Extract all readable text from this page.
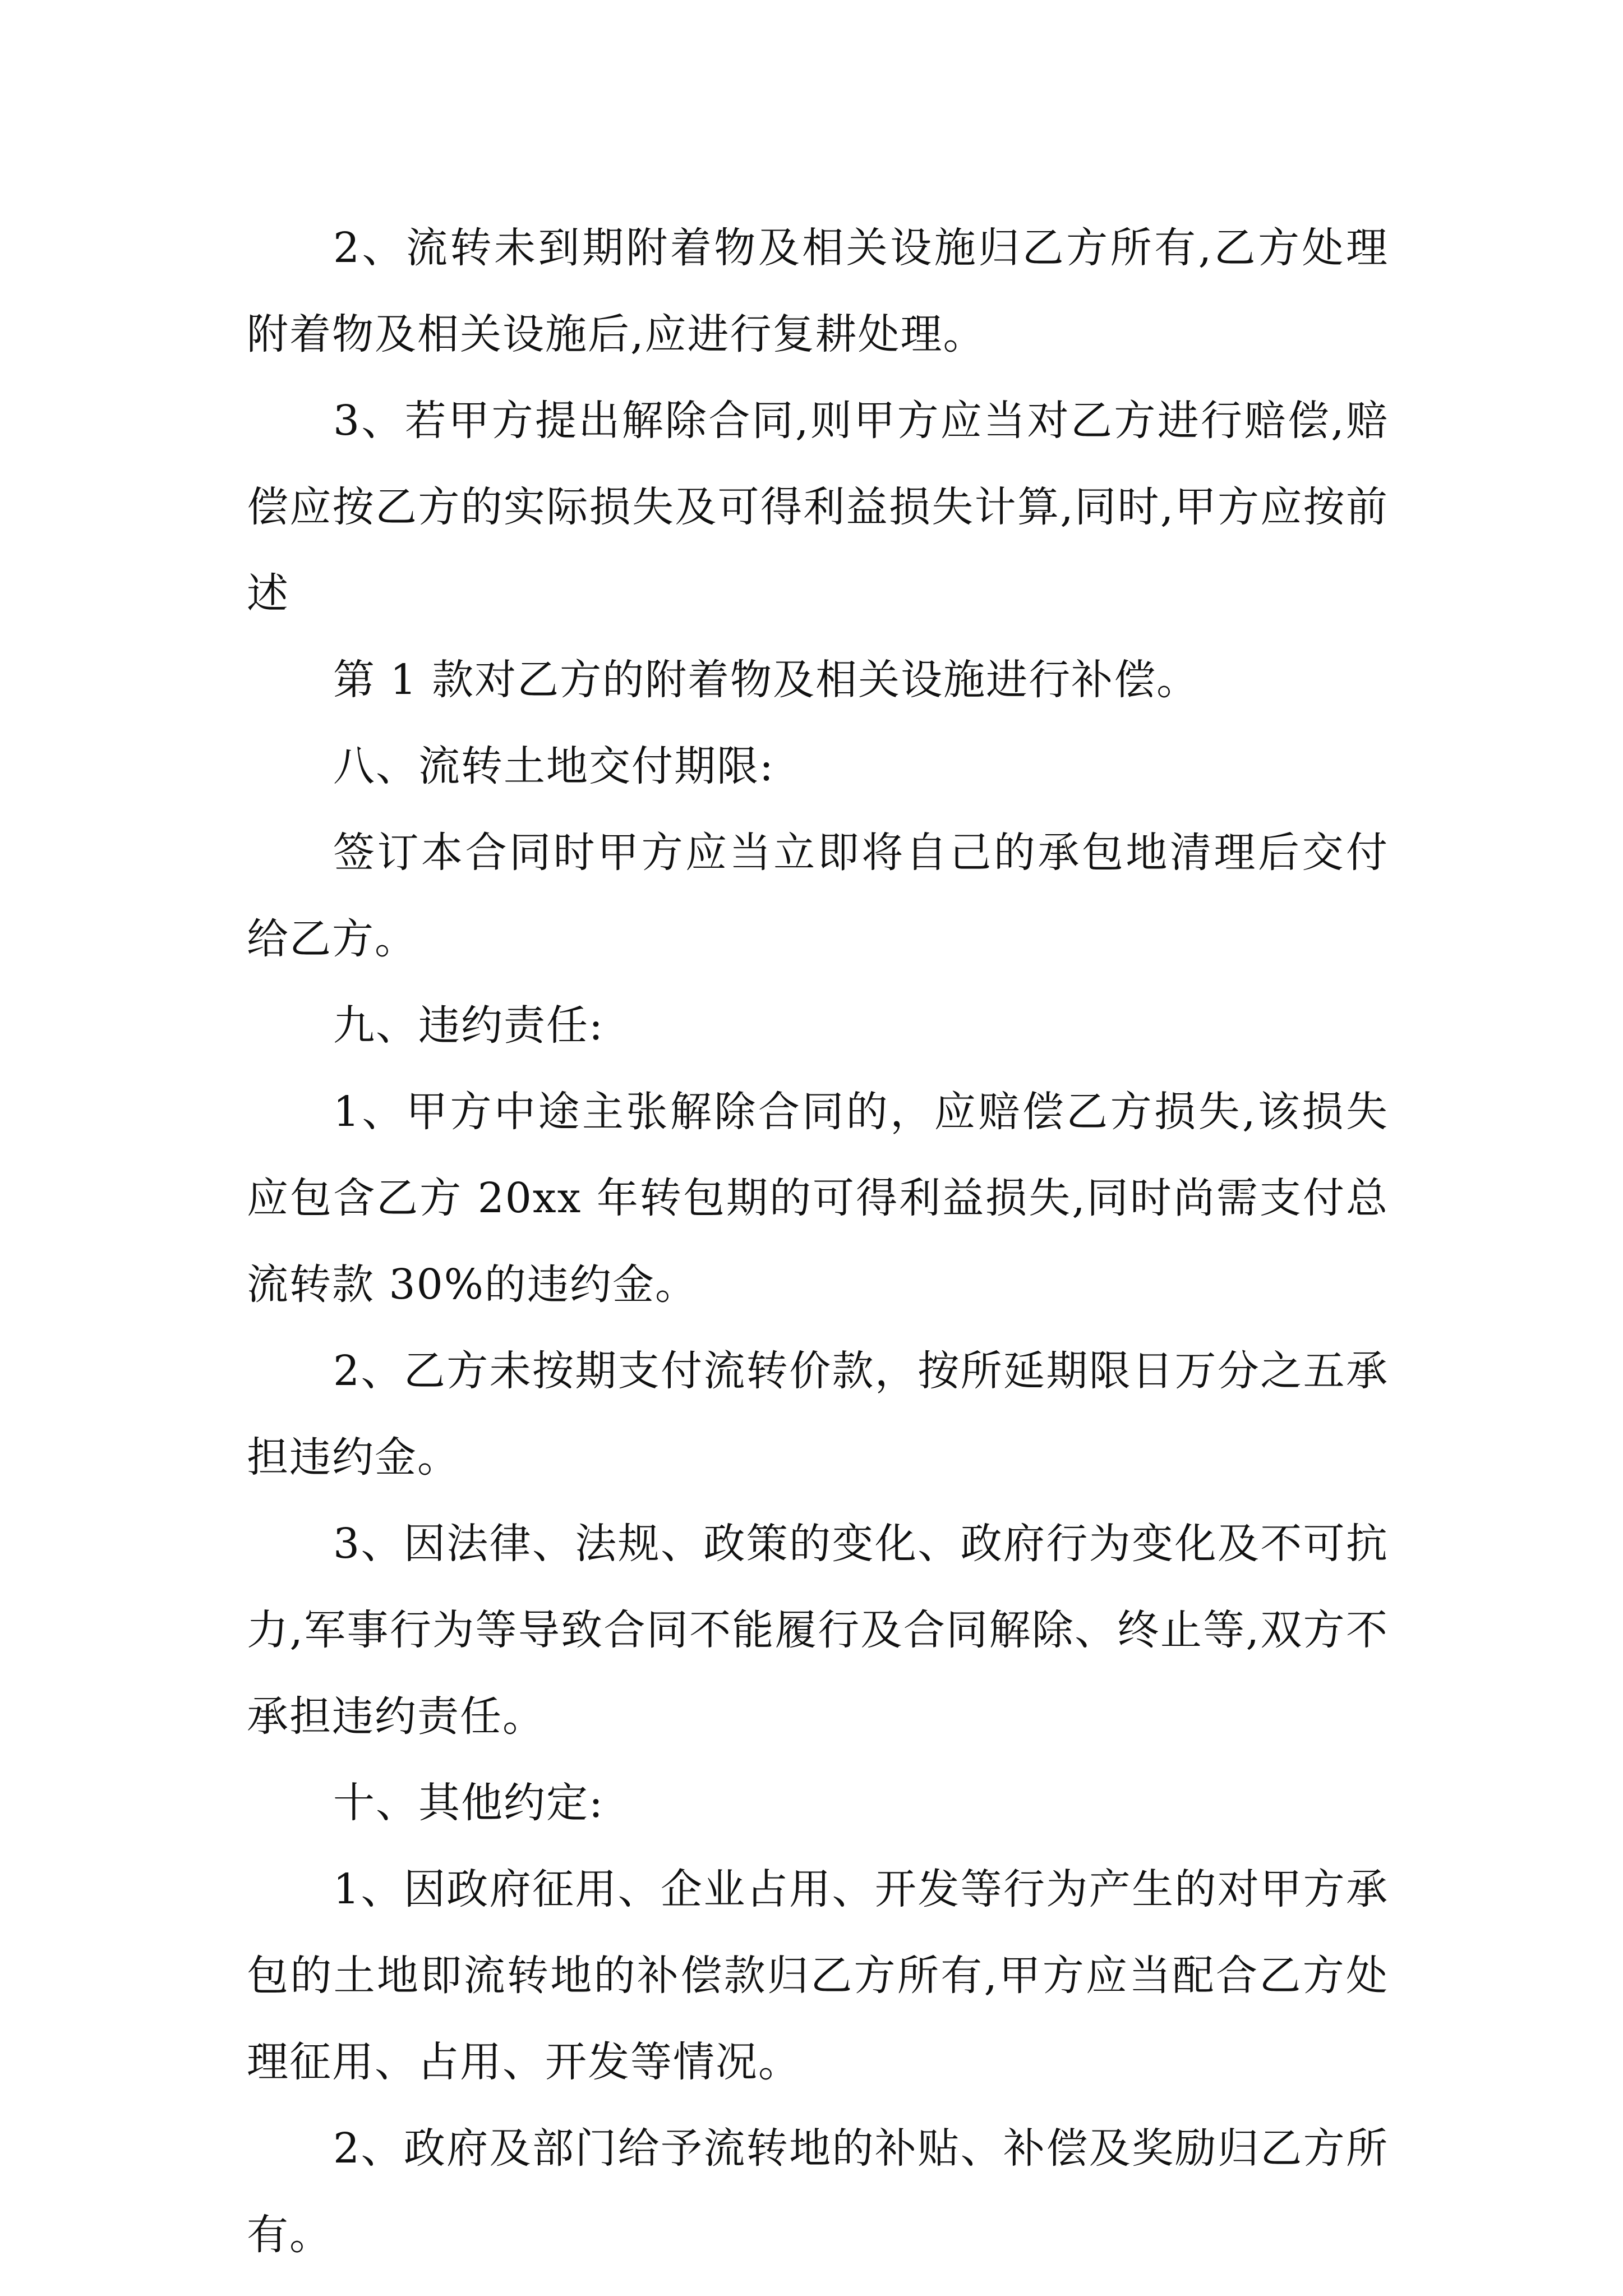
2、流转未到期附着物及相关设施归乙方所有,乙方处理附着物及相关设施后,应进行复耕处理。

3、若甲方提出解除合同,则甲方应当对乙方进行赔偿,赔偿应按乙方的实际损失及可得利益损失计算,同时,甲方应按前述

第 1 款对乙方的附着物及相关设施进行补偿。

八、流转土地交付期限:

签订本合同时甲方应当立即将自己的承包地清理后交付给乙方。

九、违约责任:

1、甲方中途主张解除合同的，应赔偿乙方损失,该损失应包含乙方 20xx 年转包期的可得利益损失,同时尚需支付总流转款 30%的违约金。

2、乙方未按期支付流转价款，按所延期限日万分之五承担违约金。

3、因法律、法规、政策的变化、政府行为变化及不可抗力,军事行为等导致合同不能履行及合同解除、终止等,双方不承担违约责任。

十、其他约定:

1、因政府征用、企业占用、开发等行为产生的对甲方承包的土地即流转地的补偿款归乙方所有,甲方应当配合乙方处理征用、占用、开发等情况。

2、政府及部门给予流转地的补贴、补偿及奖励归乙方所有。
